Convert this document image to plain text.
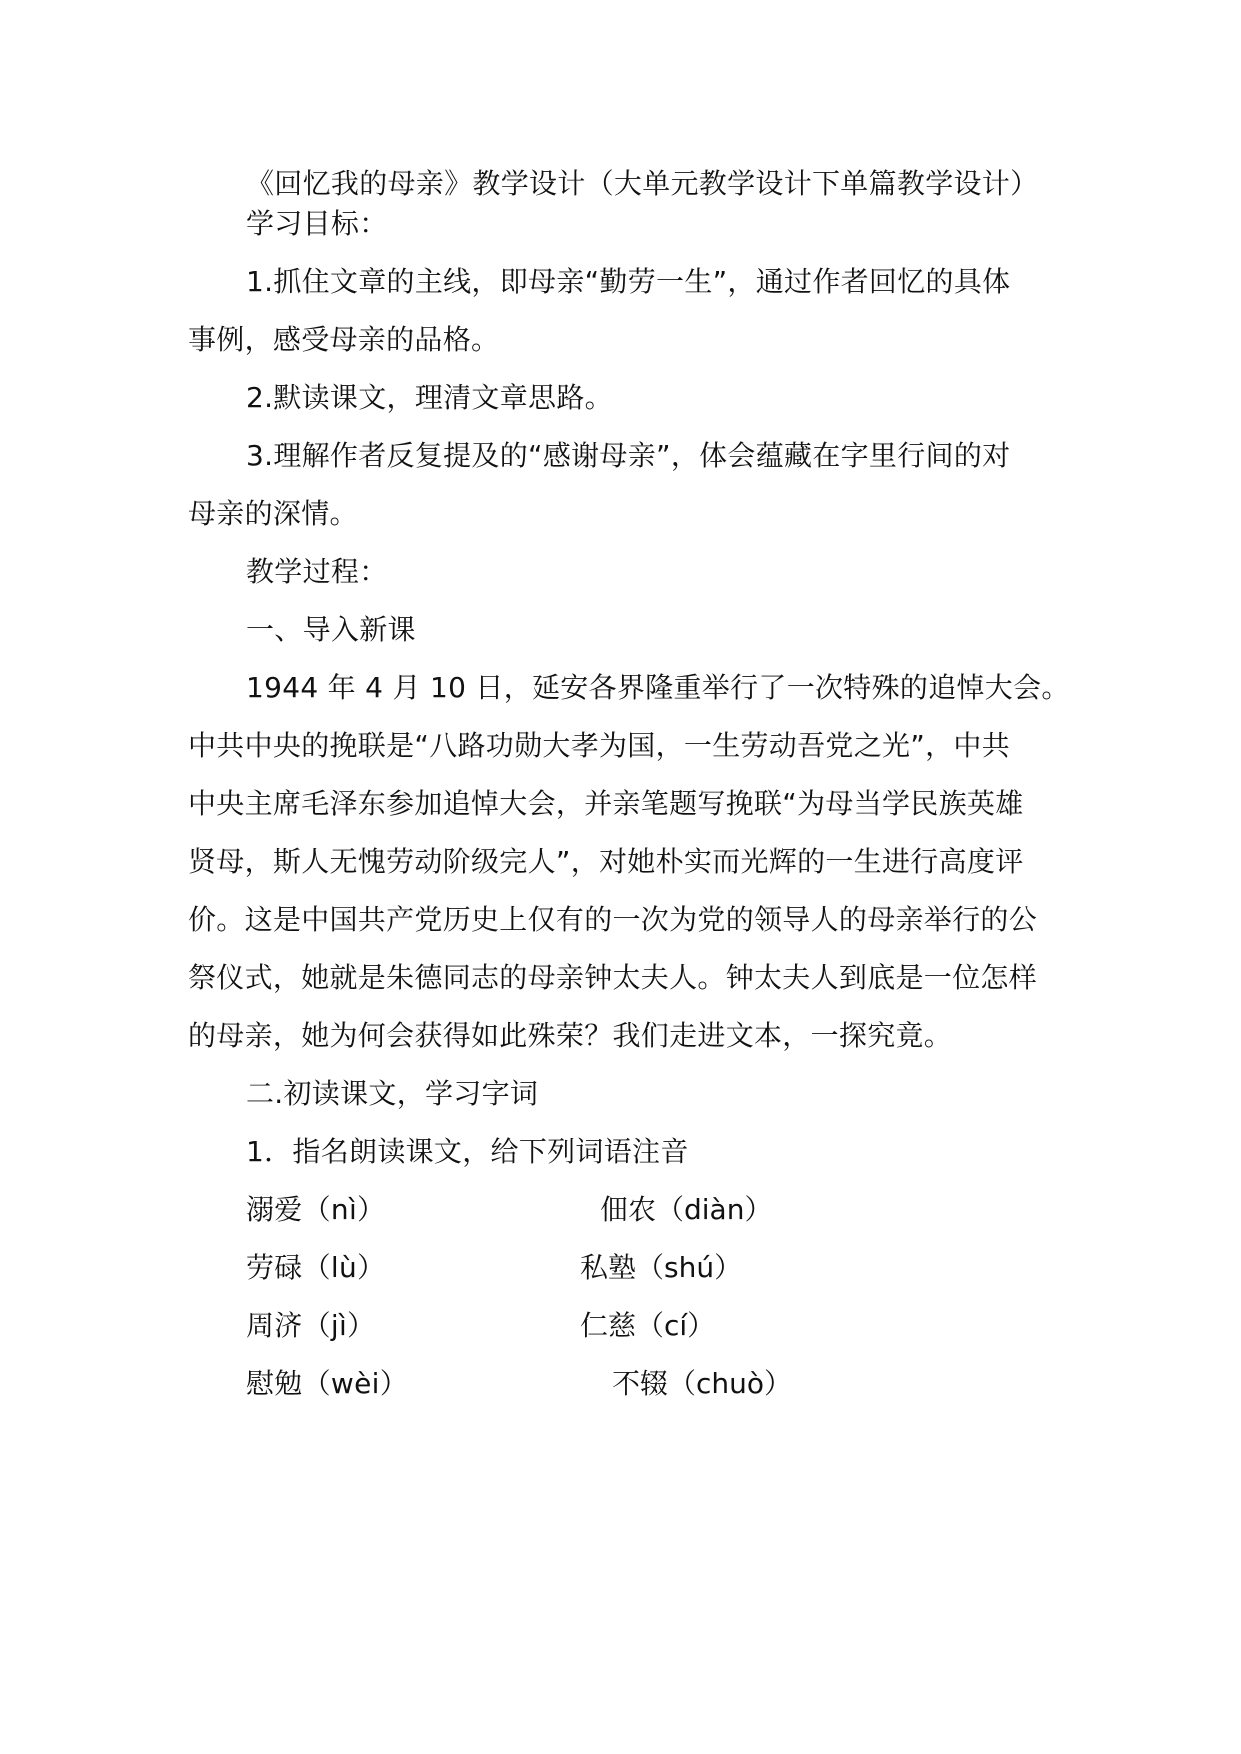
《回忆我的母亲》教学设计（大单元教学设计下单篇教学设计）
学习目标：
1.抓住文章的主线，即母亲“勤劳一生”，通过作者回忆的具体
事例，感受母亲的品格。
2.默读课文，理清文章思路。
3.理解作者反复提及的“感谢母亲”，体会蕴藏在字里行间的对
母亲的深情。
教学过程：
一、导入新课
1944 年 4 月 10 日，延安各界隆重举行了一次特殊的追悼大会。
中共中央的挽联是“八路功勋大孝为国，一生劳动吾党之光”，中共
中央主席毛泽东参加追悼大会，并亲笔题写挽联“为母当学民族英雄
贤母，斯人无愧劳动阶级完人”，对她朴实而光辉的一生进行高度评
价。这是中国共产党历史上仅有的一次为党的领导人的母亲举行的公
祭仪式，她就是朱德同志的母亲钟太夫人。钟太夫人到底是一位怎样
的母亲，她为何会获得如此殊荣？我们走进文本，一探究竟。
二.初读课文，学习字词
1．指名朗读课文，给下列词语注音
溺爱（nì）	佃农（diàn）
劳碌（lù）	私塾（shú）
周济（jì）	仁慈（cí）
慰勉（wèi）	不辍（chuò）
